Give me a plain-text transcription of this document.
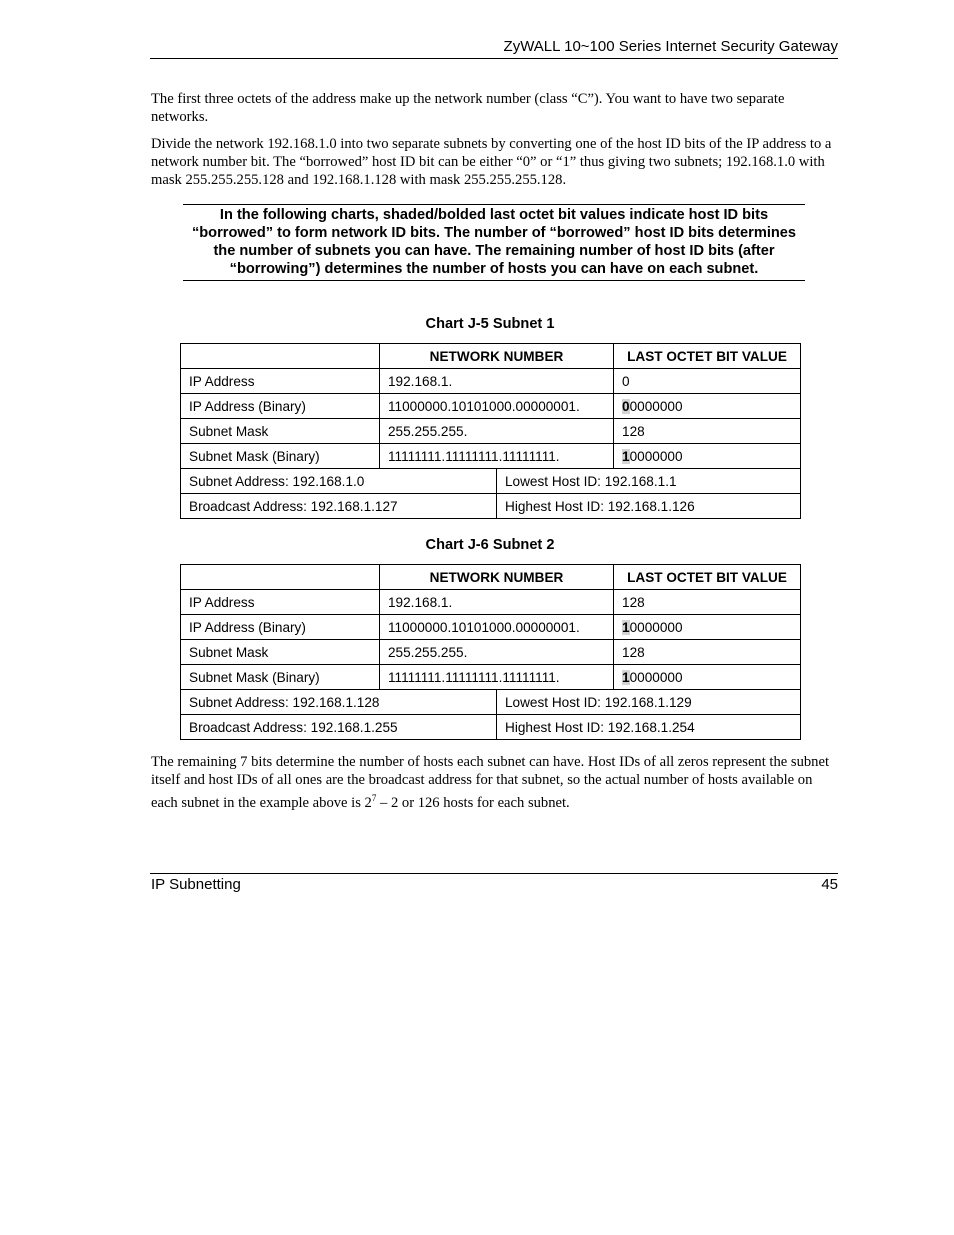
ZyWALL 10~100 Series Internet Security Gateway

The first three octets of the address make up the network number (class “C”). You want to have two separate networks.

Divide the network 192.168.1.0 into two separate subnets by converting one of the host ID bits of the IP address to a network number bit. The “borrowed” host ID bit can be either “0” or “1” thus giving two subnets; 192.168.1.0 with mask 255.255.255.128 and 192.168.1.128 with mask 255.255.255.128.

In the following charts, shaded/bolded last octet bit values indicate host ID bits “borrowed” to form network ID bits. The number of “borrowed” host ID bits determines the number of subnets you can have. The remaining number of host ID bits (after “borrowing”) determines the number of hosts you can have on each subnet.
Chart J-5 Subnet 1
	NETWORK NUMBER		LAST OCTET BIT VALUE
IP Address	192.168.1.		0
IP Address (Binary)	11000000.10101000.00000001.		00000000
Subnet Mask	255.255.255.		128
Subnet Mask (Binary)	11111111.11111111.11111111.		10000000
Subnet Address: 192.168.1.0		Lowest Host ID: 192.168.1.1	
Broadcast Address: 192.168.1.127		Highest Host ID: 192.168.1.126	
Chart J-6 Subnet 2
	NETWORK NUMBER		LAST OCTET BIT VALUE
IP Address	192.168.1.		128
IP Address (Binary)	11000000.10101000.00000001.		10000000
Subnet Mask	255.255.255.		128
Subnet Mask (Binary)	11111111.11111111.11111111.		10000000
Subnet Address: 192.168.1.128		Lowest Host ID: 192.168.1.129	
Broadcast Address: 192.168.1.255		Highest Host ID: 192.168.1.254	

The remaining 7 bits determine the number of hosts each subnet can have. Host IDs of all zeros represent the subnet itself and host IDs of all ones are the broadcast address for that subnet, so the actual number of hosts available on each subnet in the example above is $2^7 - 2$ or 126 hosts for each subnet.

IP Subnetting	45
